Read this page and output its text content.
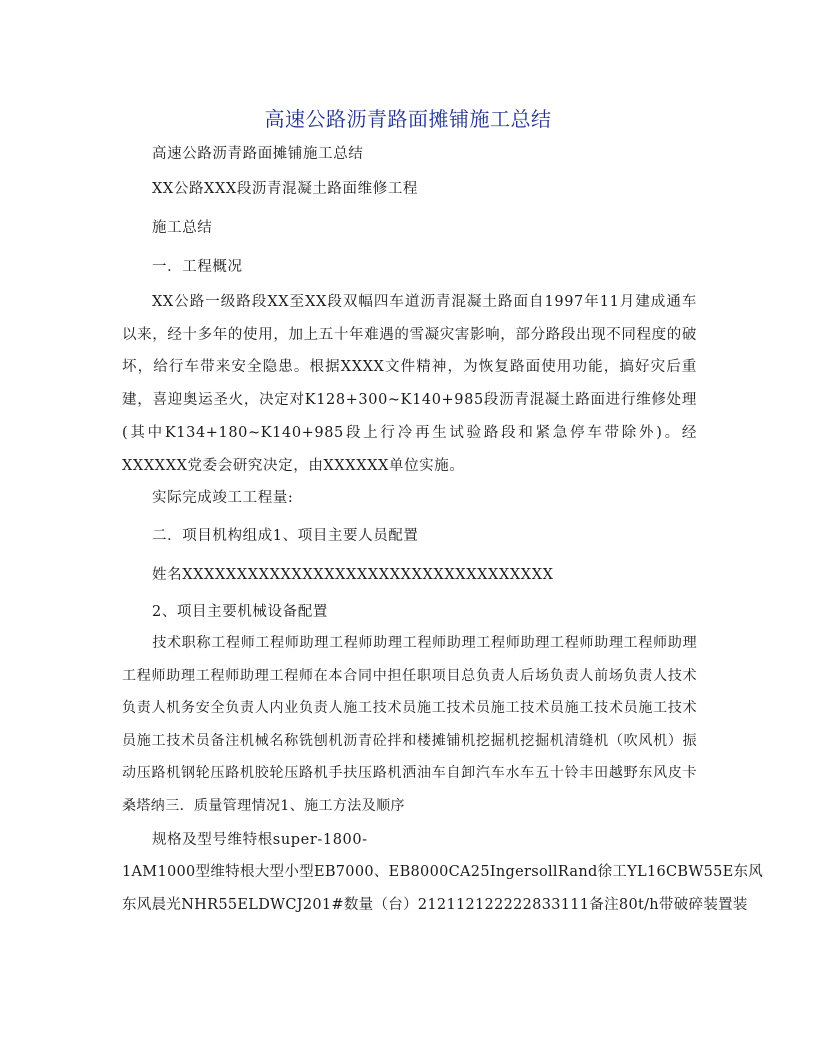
高速公路沥青路面摊铺施工总结
高速公路沥青路面摊铺施工总结
XX公路XXX段沥青混凝土路面维修工程
施工总结
一．工程概况
XX公路一级路段XX至XX段双幅四车道沥青混凝土路面自1997年11月建成通车以来，经十多年的使用，加上五十年难遇的雪凝灾害影响，部分路段出现不同程度的破坏，给行车带来安全隐患。根据XXXX文件精神，为恢复路面使用功能，搞好灾后重建，喜迎奥运圣火，决定对K128+300~K140+985段沥青混凝土路面进行维修处理(其中K134+180~K140+985段上行冷再生试验路段和紧急停车带除外)。经XXXXXX党委会研究决定，由XXXXXX单位实施。
实际完成竣工工程量:
二．项目机构组成1、项目主要人员配置
姓名XXXXXXXXXXXXXXXXXXXXXXXXXXXXXXXXXX
2、项目主要机械设备配置
技术职称工程师工程师助理工程师助理工程师助理工程师助理工程师助理工程师助理工程师助理工程师助理工程师在本合同中担任职项目总负责人后场负责人前场负责人技术负责人机务安全负责人内业负责人施工技术员施工技术员施工技术员施工技术员施工技术员施工技术员备注机械名称铣刨机沥青砼拌和楼摊铺机挖掘机挖掘机清缝机（吹风机）振动压路机钢轮压路机胶轮压路机手扶压路机洒油车自卸汽车水车五十铃丰田越野东风皮卡桑塔纳三．质量管理情况1、施工方法及顺序
规格及型号维特根super-1800-
1AM1000型维特根大型小型EB7000、EB8000CA25IngersollRand徐工YL16CBW55E东风
东风晨光NHR55ELDWCJ201#数量（台）212112122222833111备注80t/h带破碎装置装
